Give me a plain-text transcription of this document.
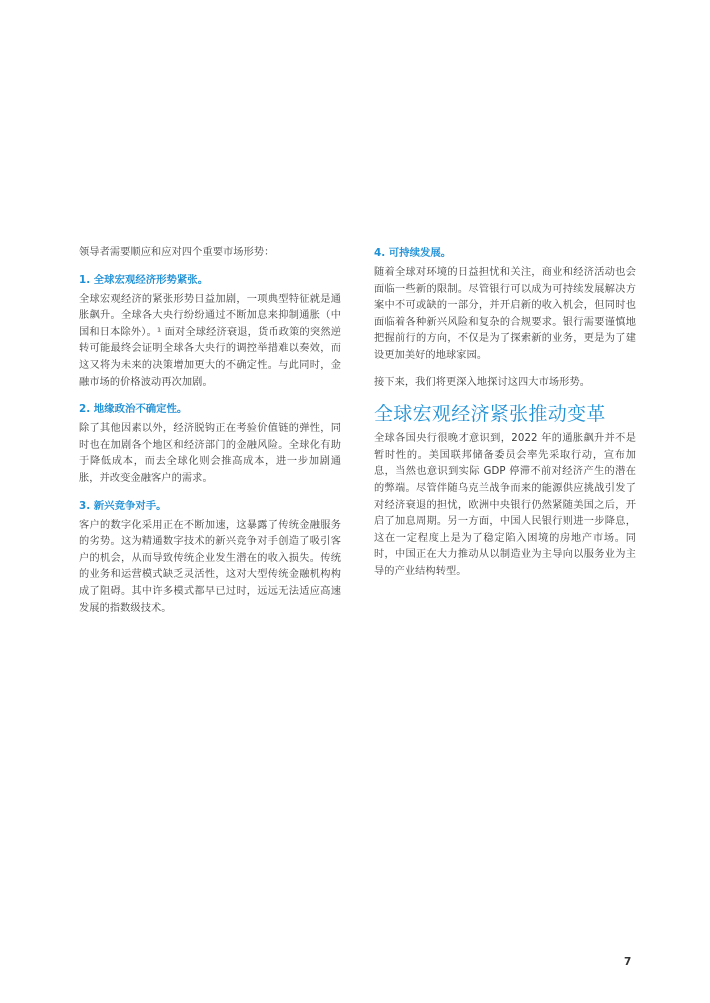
领导者需要顺应和应对四个重要市场形势：

1. 全球宏观经济形势紧张。

全球宏观经济的紧张形势日益加剧，一项典型特征就是通胀飙升。全球各大央行纷纷通过不断加息来抑制通胀（中国和日本除外）。¹ 面对全球经济衰退，货币政策的突然逆转可能最终会证明全球各大央行的调控举措难以奏效，而这又将为未来的决策增加更大的不确定性。与此同时，金融市场的价格波动再次加剧。

2. 地缘政治不确定性。

除了其他因素以外，经济脱钩正在考验价值链的弹性，同时也在加剧各个地区和经济部门的金融风险。全球化有助于降低成本，而去全球化则会推高成本，进一步加剧通胀，并改变金融客户的需求。

3. 新兴竞争对手。

客户的数字化采用正在不断加速，这暴露了传统金融服务的劣势。这为精通数字技术的新兴竞争对手创造了吸引客户的机会，从而导致传统企业发生潜在的收入损失。传统的业务和运营模式缺乏灵活性，这对大型传统金融机构构成了阻碍。其中许多模式都早已过时，远远无法适应高速发展的指数级技术。

4. 可持续发展。

随着全球对环境的日益担忧和关注，商业和经济活动也会面临一些新的限制。尽管银行可以成为可持续发展解决方案中不可或缺的一部分，并开启新的收入机会，但同时也面临着各种新兴风险和复杂的合规要求。银行需要谨慎地把握前行的方向，不仅是为了探索新的业务，更是为了建设更加美好的地球家园。

接下来，我们将更深入地探讨这四大市场形势。

全球宏观经济紧张推动变革

全球各国央行很晚才意识到，2022 年的通胀飙升并不是暂时性的。美国联邦储备委员会率先采取行动，宣布加息，当然也意识到实际 GDP 停滞不前对经济产生的潜在的弊端。尽管伴随乌克兰战争而来的能源供应挑战引发了对经济衰退的担忧，欧洲中央银行仍然紧随美国之后，开启了加息周期。另一方面，中国人民银行则进一步降息，这在一定程度上是为了稳定陷入困境的房地产市场。同时，中国正在大力推动从以制造业为主导向以服务业为主导的产业结构转型。

7
